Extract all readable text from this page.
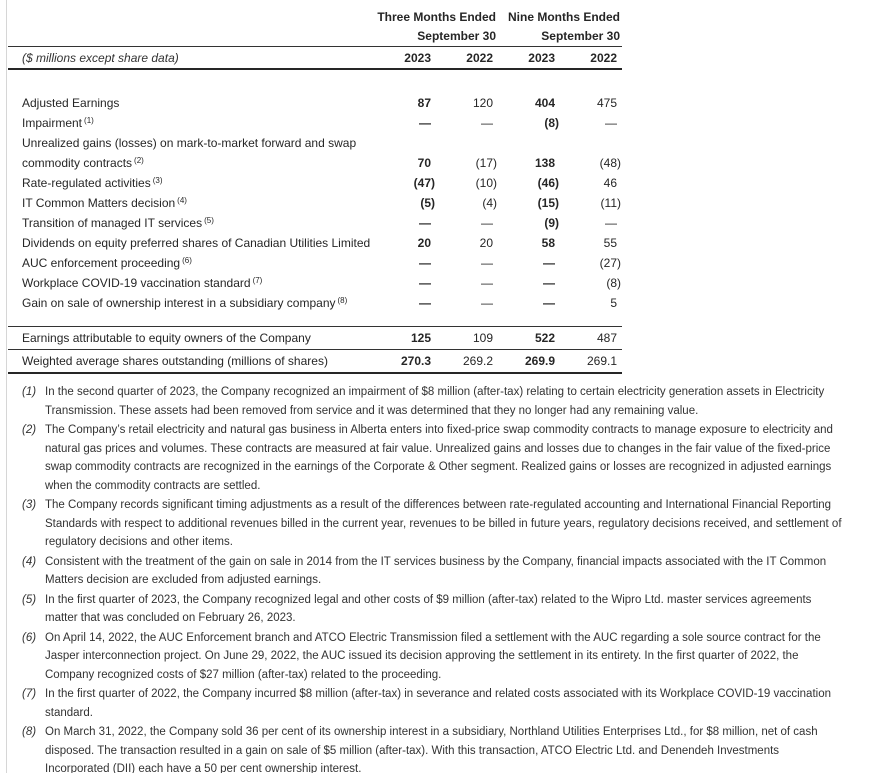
Three Months Ended
September 30
Nine Months Ended
September 30
($ millions except share data)	2023	2022	2023	2022
Adjusted Earnings	87	120	404	475
Impairment $^{(1)}$	—	—	(8)	—
Unrealized gains (losses) on mark-to-market forward and swap
commodity contracts $^{(2)}$	70	(17)	138	(48)
Rate-regulated activities $^{(3)}$	(47)	(10)	(46)	46
IT Common Matters decision $^{(4)}$	(5)	(4)	(15)	(11)
Transition of managed IT services $^{(5)}$	—	—	(9)	—
Dividends on equity preferred shares of Canadian Utilities Limited	20	20	58	55
AUC enforcement proceeding $^{(6)}$	—	—	—	(27)
Workplace COVID-19 vaccination standard $^{(7)}$	—	—	—	(8)
Gain on sale of ownership interest in a subsidiary company $^{(8)}$	—	—	—	5
Earnings attributable to equity owners of the Company	125	109	522	487
Weighted average shares outstanding (millions of shares)	270.3	269.2	269.9	269.1
(1) In the second quarter of 2023, the Company recognized an impairment of $8 million (after-tax) relating to certain electricity generation assets in Electricity Transmission. These assets had been removed from service and it was determined that they no longer had any remaining value.
(2) The Company’s retail electricity and natural gas business in Alberta enters into fixed-price swap commodity contracts to manage exposure to electricity and natural gas prices and volumes. These contracts are measured at fair value. Unrealized gains and losses due to changes in the fair value of the fixed-price swap commodity contracts are recognized in the earnings of the Corporate & Other segment. Realized gains or losses are recognized in adjusted earnings when the commodity contracts are settled.
(3) The Company records significant timing adjustments as a result of the differences between rate-regulated accounting and International Financial Reporting Standards with respect to additional revenues billed in the current year, revenues to be billed in future years, regulatory decisions received, and settlement of regulatory decisions and other items.
(4) Consistent with the treatment of the gain on sale in 2014 from the IT services business by the Company, financial impacts associated with the IT Common Matters decision are excluded from adjusted earnings.
(5) In the first quarter of 2023, the Company recognized legal and other costs of $9 million (after-tax) related to the Wipro Ltd. master services agreements matter that was concluded on February 26, 2023.
(6) On April 14, 2022, the AUC Enforcement branch and ATCO Electric Transmission filed a settlement with the AUC regarding a sole source contract for the Jasper interconnection project. On June 29, 2022, the AUC issued its decision approving the settlement in its entirety. In the first quarter of 2022, the Company recognized costs of $27 million (after-tax) related to the proceeding.
(7) In the first quarter of 2022, the Company incurred $8 million (after-tax) in severance and related costs associated with its Workplace COVID-19 vaccination standard.
(8) On March 31, 2022, the Company sold 36 per cent of its ownership interest in a subsidiary, Northland Utilities Enterprises Ltd., for $8 million, net of cash disposed. The transaction resulted in a gain on sale of $5 million (after-tax). With this transaction, ATCO Electric Ltd. and Denendeh Investments Incorporated (DII) each have a 50 per cent ownership interest.
